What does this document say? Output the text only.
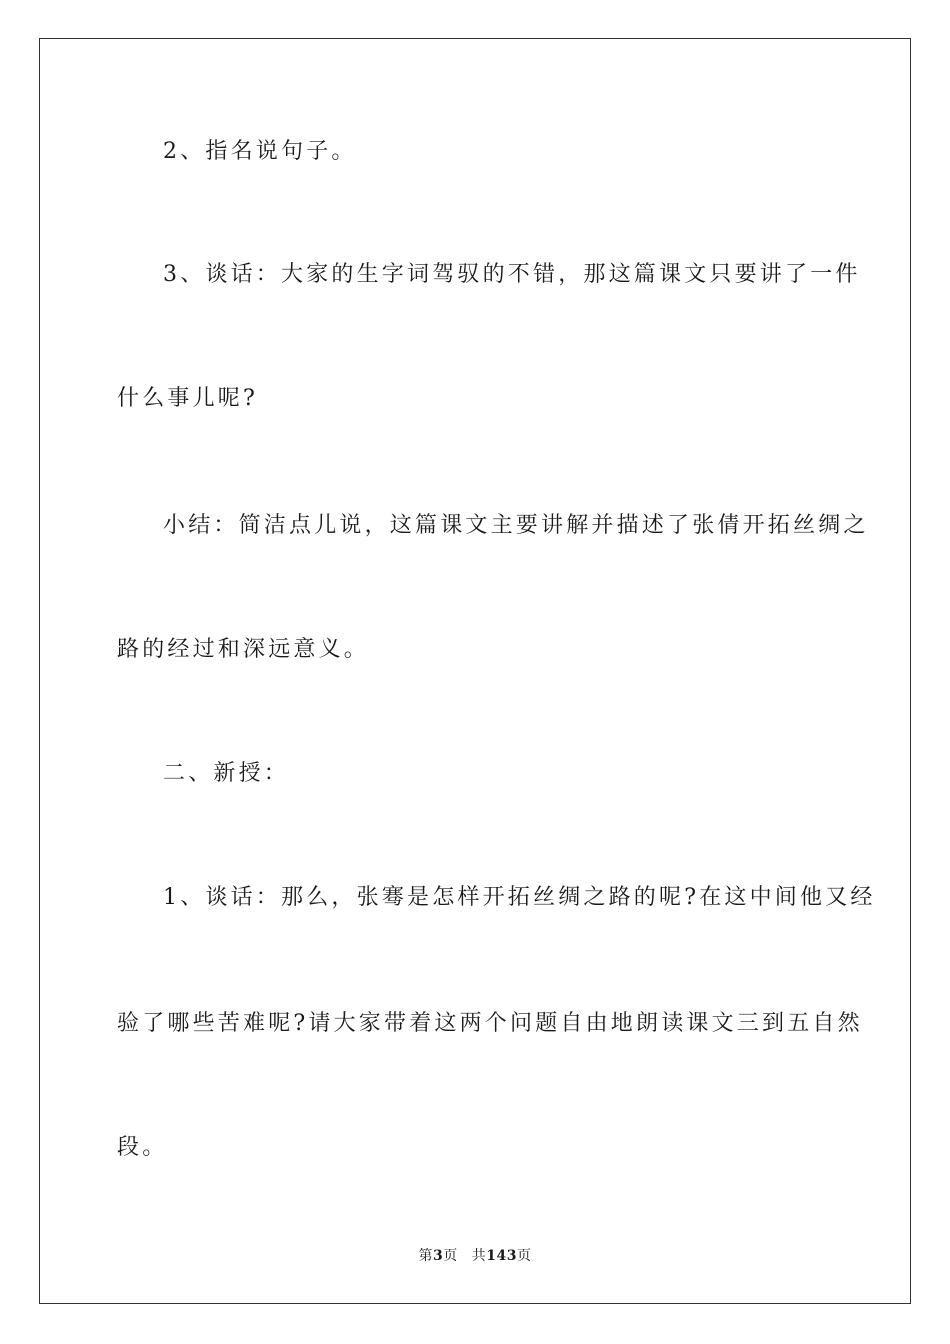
2、指名说句子。

3、谈话：大家的生字词驾驭的不错，那这篇课文只要讲了一件

什么事儿呢?

小结：简洁点儿说，这篇课文主要讲解并描述了张倩开拓丝绸之

路的经过和深远意义。

二、新授：

1、谈话：那么，张骞是怎样开拓丝绸之路的呢?在这中间他又经

验了哪些苦难呢?请大家带着这两个问题自由地朗读课文三到五自然

段。

第3页 共143页
